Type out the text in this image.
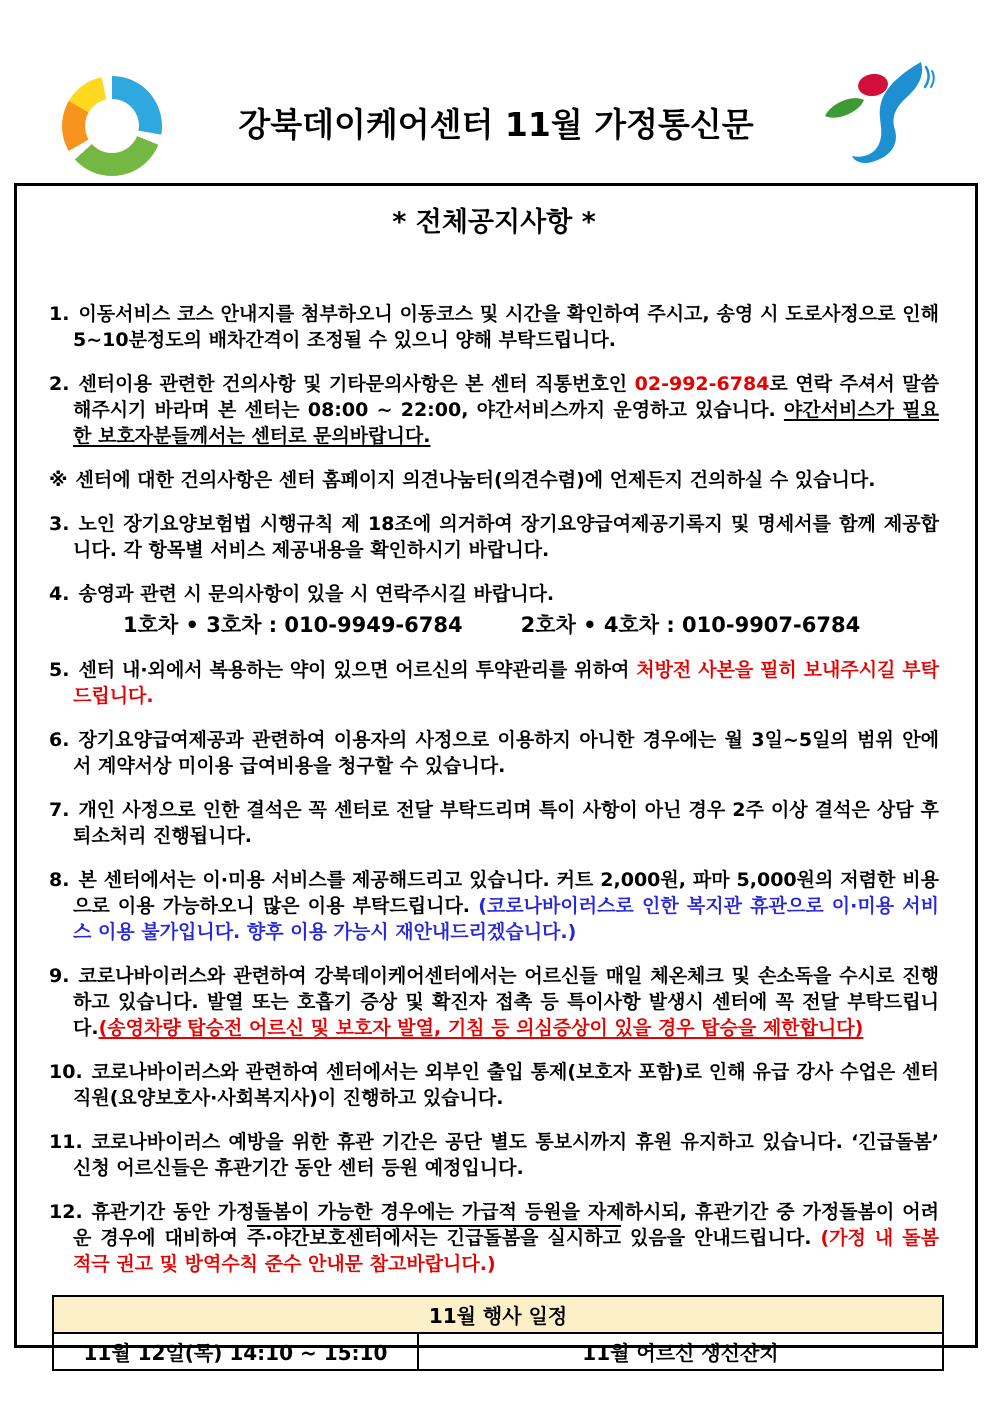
강북데이케어센터 11월 가정통신문
* 전체공지사항 *
1. 이동서비스 코스 안내지를 첨부하오니 이동코스 및 시간을 확인하여 주시고, 송영 시 도로사정으로 인해 5~10분정도의 배차간격이 조정될 수 있으니 양해 부탁드립니다.
2. 센터이용 관련한 건의사항 및 기타문의사항은 본 센터 직통번호인 02-992-6784로 연락 주셔서 말씀해주시기 바라며 본 센터는 08:00 ~ 22:00, 야간서비스까지 운영하고 있습니다. 야간서비스가 필요한 보호자분들께서는 센터로 문의바랍니다.
※ 센터에 대한 건의사항은 센터 홈페이지 의견나눔터(의견수렴)에 언제든지 건의하실 수 있습니다.
3. 노인 장기요양보험법 시행규칙 제 18조에 의거하여 장기요양급여제공기록지 및 명세서를 함께 제공합니다. 각 항목별 서비스 제공내용을 확인하시기 바랍니다.
4. 송영과 관련 시 문의사항이 있을 시 연락주시길 바랍니다.
1호차 • 3호차 : 010-9949-6784	2호차 • 4호차 : 010-9907-6784
5. 센터 내·외에서 복용하는 약이 있으면 어르신의 투약관리를 위하여 처방전 사본을 필히 보내주시길 부탁드립니다.
6. 장기요양급여제공과 관련하여 이용자의 사정으로 이용하지 아니한 경우에는 월 3일~5일의 범위 안에서 계약서상 미이용 급여비용을 청구할 수 있습니다.
7. 개인 사정으로 인한 결석은 꼭 센터로 전달 부탁드리며 특이 사항이 아닌 경우 2주 이상 결석은 상담 후 퇴소처리 진행됩니다.
8. 본 센터에서는 이·미용 서비스를 제공해드리고 있습니다. 커트 2,000원, 파마 5,000원의 저렴한 비용으로 이용 가능하오니 많은 이용 부탁드립니다. (코로나바이러스로 인한 복지관 휴관으로 이·미용 서비스 이용 불가입니다. 향후 이용 가능시 재안내드리겠습니다.)
9. 코로나바이러스와 관련하여 강북데이케어센터에서는 어르신들 매일 체온체크 및 손소독을 수시로 진행하고 있습니다. 발열 또는 호흡기 증상 및 확진자 접촉 등 특이사항 발생시 센터에 꼭 전달 부탁드립니다.(송영차량 탑승전 어르신 및 보호자 발열, 기침 등 의심증상이 있을 경우 탑승을 제한합니다)
10. 코로나바이러스와 관련하여 센터에서는 외부인 출입 통제(보호자 포함)로 인해 유급 강사 수업은 센터 직원(요양보호사·사회복지사)이 진행하고 있습니다.
11. 코로나바이러스 예방을 위한 휴관 기간은 공단 별도 통보시까지 휴원 유지하고 있습니다. ‘긴급돌봄’ 신청 어르신들은 휴관기간 동안 센터 등원 예정입니다.
12. 휴관기간 동안 가정돌봄이 가능한 경우에는 가급적 등원을 자제하시되, 휴관기간 중 가정돌봄이 어려운 경우에 대비하여 주·야간보호센터에서는 긴급돌봄을 실시하고 있음을 안내드립니다. (가정 내 돌봄 적극 권고 및 방역수칙 준수 안내문 참고바랍니다.)
11월 행사 일정
11월 12일(목) 14:10 ~ 15:10	11월 어르신 생신잔치
